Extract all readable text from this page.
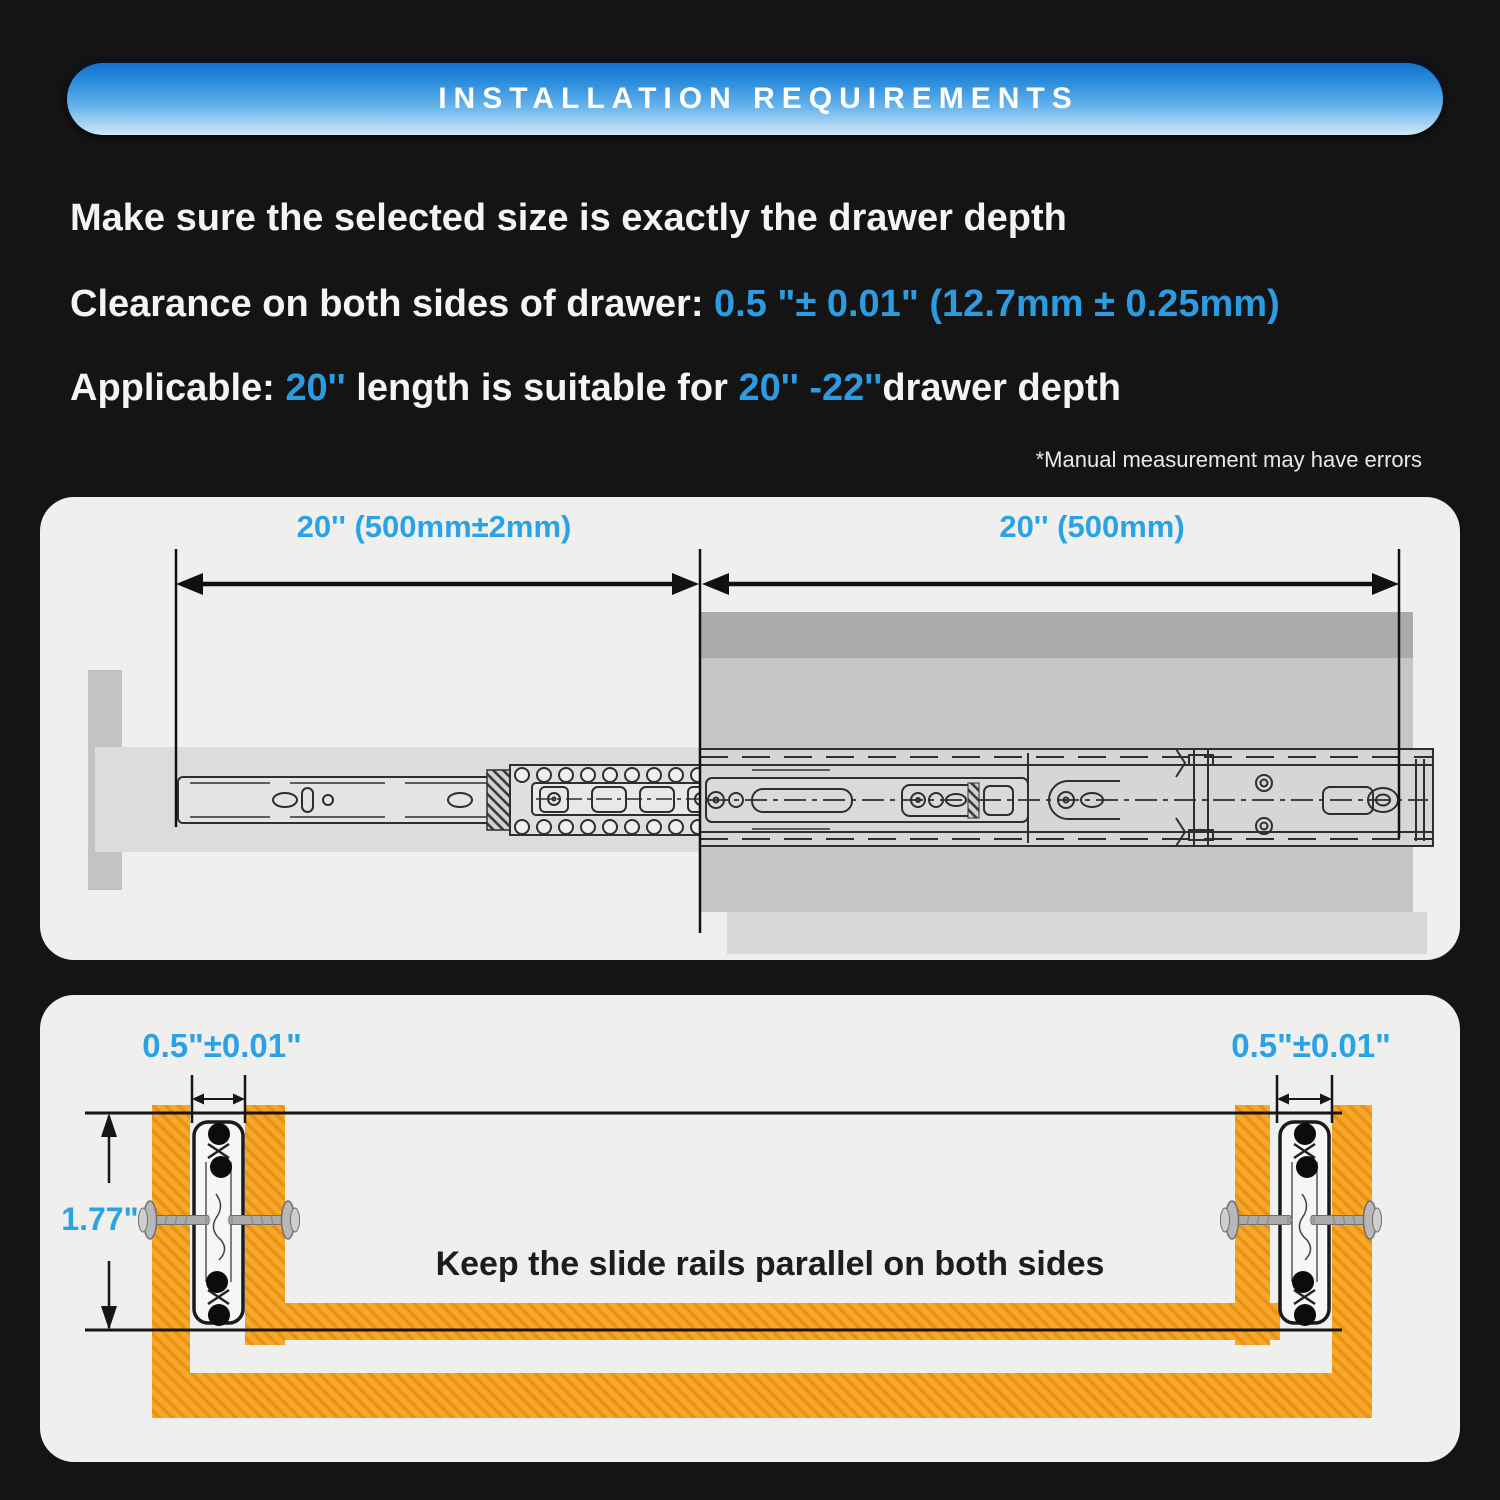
INSTALLATION REQUIREMENTS
Make sure the selected size is exactly the drawer depth
Clearance on both sides of drawer: 0.5 "± 0.01" (12.7mm ± 0.25mm)
Applicable: 20'' length is suitable for 20'' -22''drawer depth
*Manual measurement may have errors
20'' (500mm±2mm)	20'' (500mm)
0.5"±0.01"	0.5"±0.01"
1.77"
Keep the slide rails parallel on both sides
